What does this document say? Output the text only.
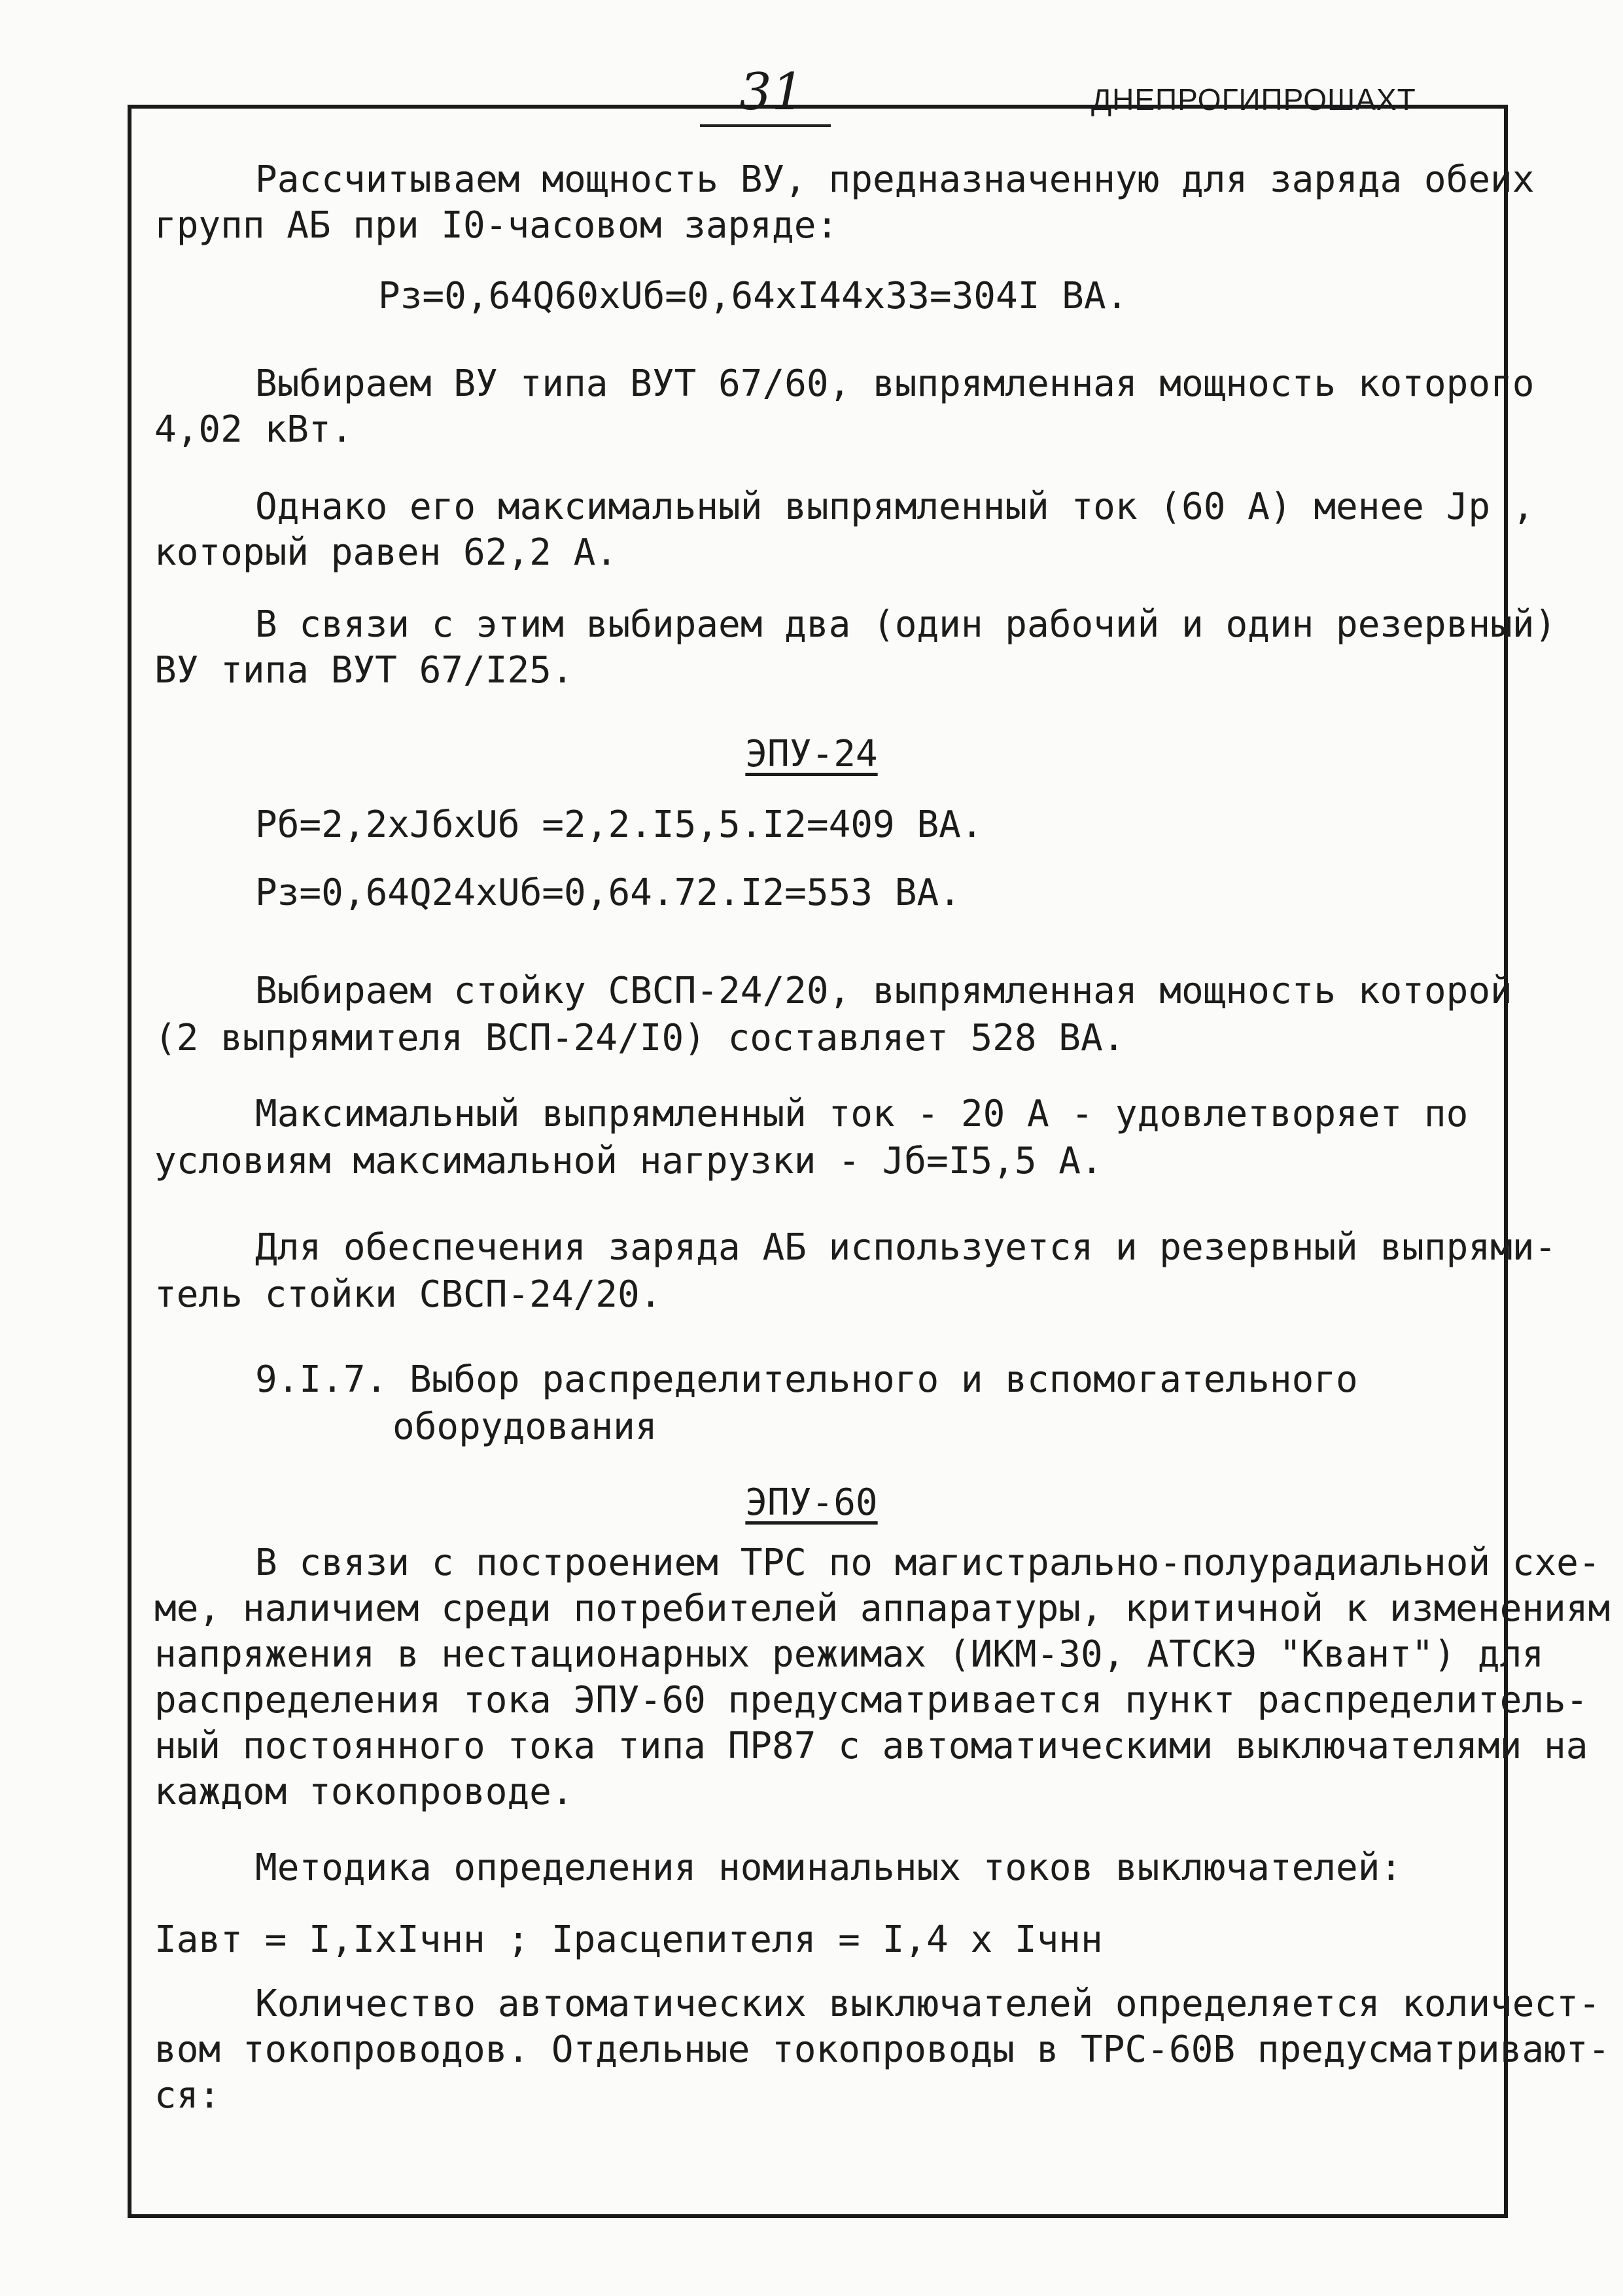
31	ДНЕПРОГИПРОШАХТ
Рассчитываем мощность ВУ, предназначенную для заряда обеих
групп АБ при I0-часовом заряде:
Pз=0,64Q60xUб=0,64xI44x33=304I ВА.
Выбираем ВУ типа ВУТ 67/60, выпрямленная мощность которого
4,02 кВт.
Однако его максимальный выпрямленный ток (60 А) менее Jр ,
который равен 62,2 А.
В связи с этим выбираем два (один рабочий и один резервный)
ВУ типа ВУТ 67/I25.
ЭПУ-24
Pб=2,2xJбxUб =2,2.I5,5.I2=409 ВА.
Pз=0,64Q24xUб=0,64.72.I2=553 ВА.
Выбираем стойку СВСП-24/20, выпрямленная мощность которой
(2 выпрямителя ВСП-24/I0) составляет 528 ВА.
Максимальный выпрямленный ток - 20 А - удовлетворяет по
условиям максимальной нагрузки - Jб=I5,5 А.
Для обеспечения заряда АБ используется и резервный выпрями-
тель стойки СВСП-24/20.
9.I.7. Выбор распределительного и вспомогательного
оборудования
ЭПУ-60
В связи с построением ТРС по магистрально-полурадиальной схе-
ме, наличием среди потребителей аппаратуры, критичной к изменениям
напряжения в нестационарных режимах (ИКМ-30, АТСКЭ "Квант") для
распределения тока ЭПУ-60 предусматривается пункт распределитель-
ный постоянного тока типа ПР87 с автоматическими выключателями на
каждом токопроводе.
Методика определения номинальных токов выключателей:
Iавт = I,IxIчнн ; Iрасцепителя = I,4 x Iчнн
Количество автоматических выключателей определяется количест-
вом токопроводов. Отдельные токопроводы в ТРС-60В предусматривают-
ся:
